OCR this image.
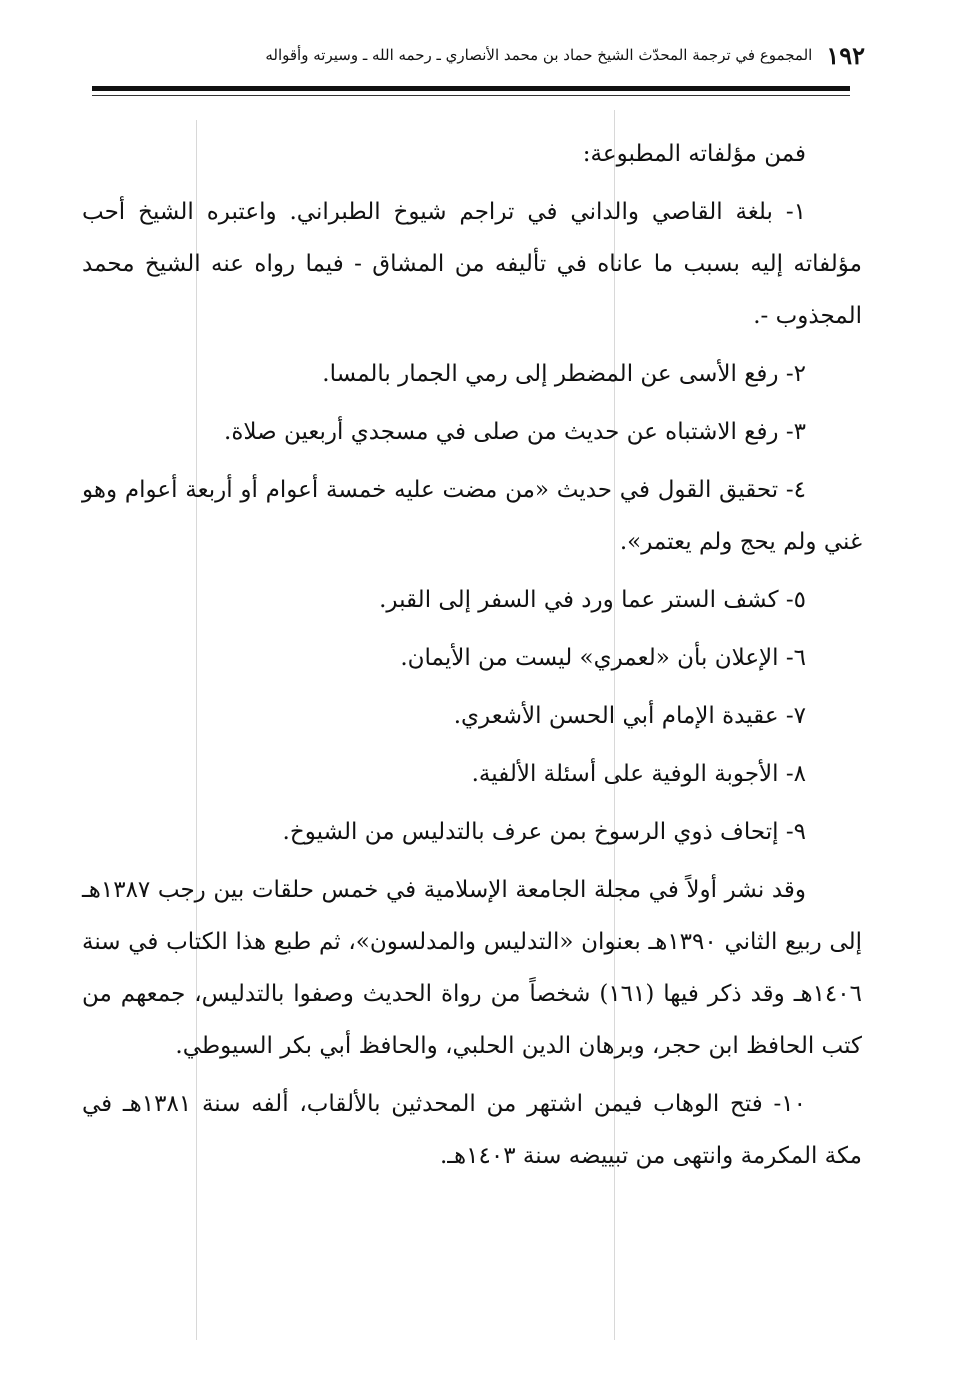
١٩٢
المجموع في ترجمة المحدّث الشيخ حماد بن محمد الأنصاري ـ رحمه الله ـ وسيرته وأقواله

فمن مؤلفاته المطبوعة:

١- بلغة القاصي والداني في تراجم شيوخ الطبراني. واعتبره الشيخ أحب مؤلفاته إليه بسبب ما عاناه في تأليفه من المشاق - فيما رواه عنه الشيخ محمد المجذوب -.

٢- رفع الأسى عن المضطر إلى رمي الجمار بالمسا.

٣- رفع الاشتباه عن حديث من صلى في مسجدي أربعين صلاة.

٤- تحقيق القول في حديث «من مضت عليه خمسة أعوام أو أربعة أعوام وهو غني ولم يحج ولم يعتمر».

٥- كشف الستر عما ورد في السفر إلى القبر.

٦- الإعلان بأن «لعمري» ليست من الأيمان.

٧- عقيدة الإمام أبي الحسن الأشعري.

٨- الأجوبة الوفية على أسئلة الألفية.

٩- إتحاف ذوي الرسوخ بمن عرف بالتدليس من الشيوخ.

وقد نشر أولاً في مجلة الجامعة الإسلامية في خمس حلقات بين رجب ١٣٨٧هـ إلى ربيع الثاني ١٣٩٠هـ بعنوان «التدليس والمدلسون»، ثم طبع هذا الكتاب في سنة ١٤٠٦هـ وقد ذكر فيها (١٦١) شخصاً من رواة الحديث وصفوا بالتدليس، جمعهم من كتب الحافظ ابن حجر، وبرهان الدين الحلبي، والحافظ أبي بكر السيوطي.

١٠- فتح الوهاب فيمن اشتهر من المحدثين بالألقاب، ألفه سنة ١٣٨١هـ في مكة المكرمة وانتهى من تبييضه سنة ١٤٠٣هـ.
